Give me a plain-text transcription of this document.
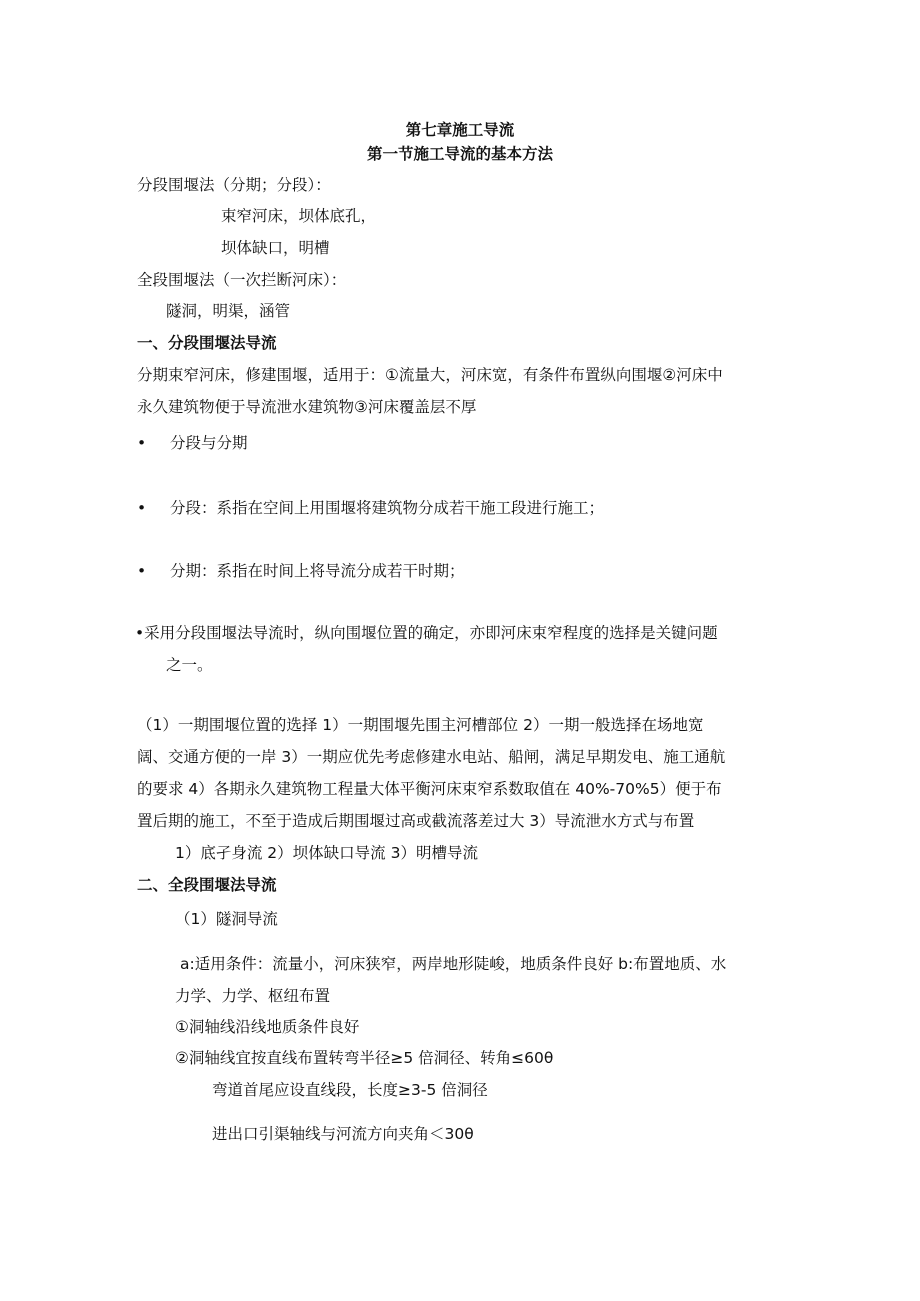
第七章施工导流
第一节施工导流的基本方法
分段围堰法（分期；分段）：
束窄河床，坝体底孔，
坝体缺口，明槽
全段围堰法（一次拦断河床）：
隧洞，明渠，涵管
一、分段围堰法导流
分期束窄河床，修建围堰，适用于：①流量大，河床宽，有条件布置纵向围堰②河床中
永久建筑物便于导流泄水建筑物③河床覆盖层不厚
• 分段与分期
• 分段：系指在空间上用围堰将建筑物分成若干施工段进行施工；
• 分期：系指在时间上将导流分成若干时期；
•采用分段围堰法导流时，纵向围堰位置的确定，亦即河床束窄程度的选择是关键问题
之一。
（1）一期围堰位置的选择 1）一期围堰先围主河槽部位 2）一期一般选择在场地宽
阔、交通方便的一岸 3）一期应优先考虑修建水电站、船闸，满足早期发电、施工通航
的要求 4）各期永久建筑物工程量大体平衡河床束窄系数取值在 40%-70%5）便于布
置后期的施工，不至于造成后期围堰过高或截流落差过大 3）导流泄水方式与布置
1）底孑身流 2）坝体缺口导流 3）明槽导流
二、全段围堰法导流
（1）隧洞导流
a:适用条件：流量小，河床狭窄，两岸地形陡峻，地质条件良好 b:布置地质、水
力学、力学、枢纽布置
①洞轴线沿线地质条件良好
②洞轴线宜按直线布置转弯半径≥5 倍洞径、转角≤60θ
弯道首尾应设直线段，长度≥3-5 倍洞径
进出口引渠轴线与河流方向夹角＜30θ
